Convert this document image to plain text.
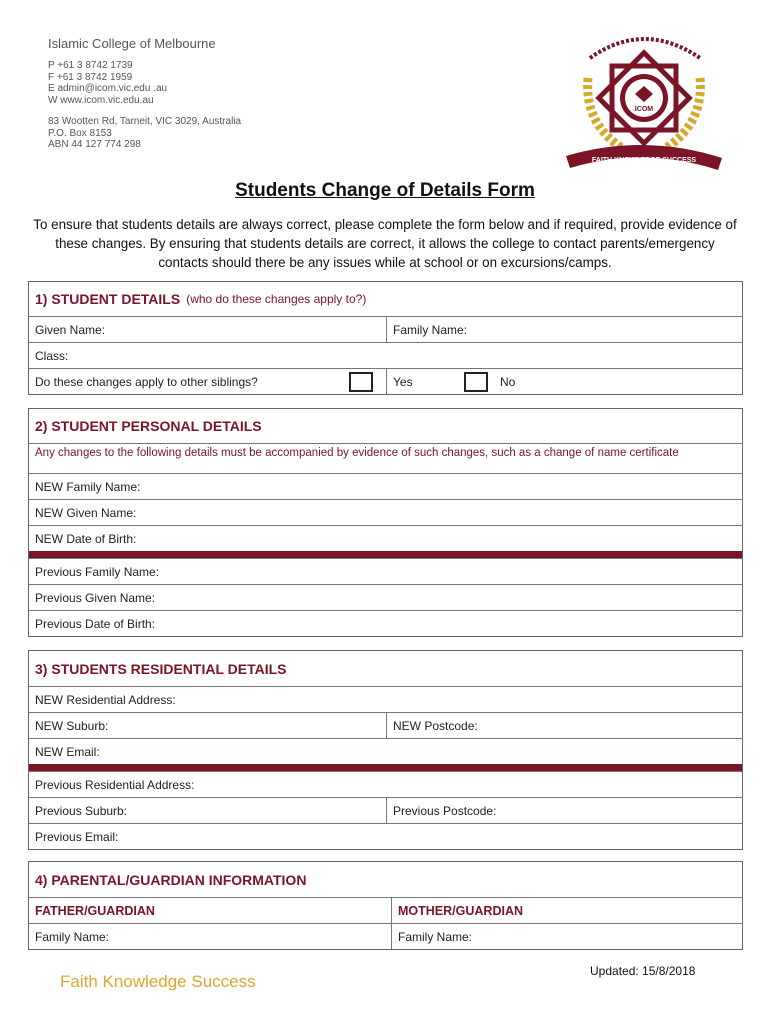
Islamic College of Melbourne
P +61 3 8742 1739
F +61 3 8742 1959
E admin@icom.vic.edu .au
W www.icom.vic.edu.au
83 Wootten Rd, Tarneit, VIC 3029, Australia
P.O. Box 8153
ABN 44 127 774 298
ICOM
FAITH KNOWLEDGE SUCCESS
Students Change of Details Form
To ensure that students details are always correct, please complete the form below and if required, provide evidence of these changes. By ensuring that students details are correct, it allows the college to contact parents/emergency contacts should there be any issues while at school or on excursions/camps.
1) STUDENT DETAILS (who do these changes apply to?)
Given Name:	Family Name:
Class:
Do these changes apply to other siblings?	Yes	No
2) STUDENT PERSONAL DETAILS
Any changes to the following details must be accompanied by evidence of such changes, such as a change of name certificate
NEW Family Name:
NEW Given Name:
NEW Date of Birth:
Previous Family Name:
Previous Given Name:
Previous Date of Birth:
3) STUDENTS RESIDENTIAL DETAILS
NEW Residential Address:
NEW Suburb:	NEW Postcode:
NEW Email:
Previous Residential Address:
Previous Suburb:	Previous Postcode:
Previous Email:
4) PARENTAL/GUARDIAN INFORMATION
FATHER/GUARDIAN	MOTHER/GUARDIAN
Family Name:	Family Name:
Faith Knowledge Success
Updated: 15/8/2018
